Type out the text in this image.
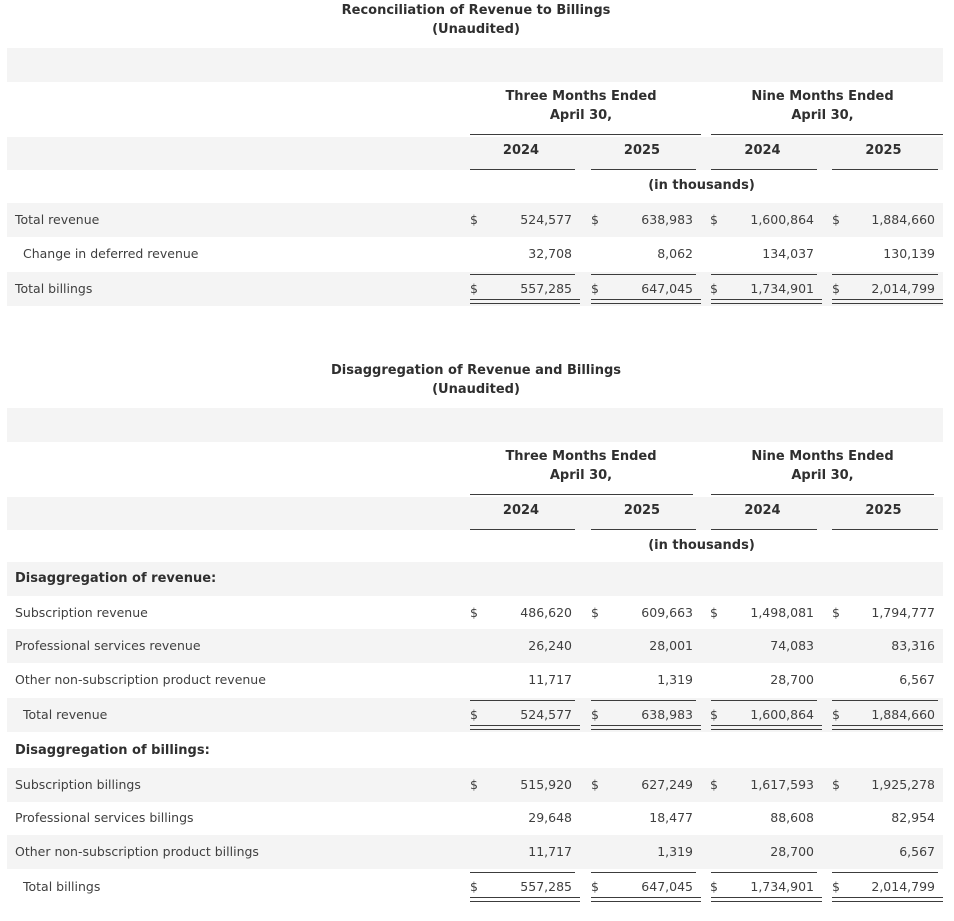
Reconciliation of Revenue to Billings
(Unaudited)
Three Months Ended
April 30,
Nine Months Ended
April 30,
2024	2025	2024	2025
(in thousands)
Total revenue	$	524,577 $	638,983 $	1,600,864 $	1,884,660
Change in deferred revenue	32,708	8,062	134,037	130,139
Total billings	$	557,285 $	647,045 $	1,734,901 $	2,014,799
Disaggregation of Revenue and Billings
(Unaudited)
Three Months Ended
April 30,
Nine Months Ended
April 30,
2024	2025	2024	2025
(in thousands)
Disaggregation of revenue:
Subscription revenue	$	486,620 $	609,663 $	1,498,081 $	1,794,777
Professional services revenue	26,240	28,001	74,083	83,316
Other non-subscription product revenue	11,717	1,319	28,700	6,567
Total revenue	$	524,577 $	638,983 $	1,600,864 $	1,884,660
Disaggregation of billings:
Subscription billings	$	515,920 $	627,249 $	1,617,593 $	1,925,278
Professional services billings	29,648	18,477	88,608	82,954
Other non-subscription product billings	11,717	1,319	28,700	6,567
Total billings	$	557,285 $	647,045 $	1,734,901 $	2,014,799
